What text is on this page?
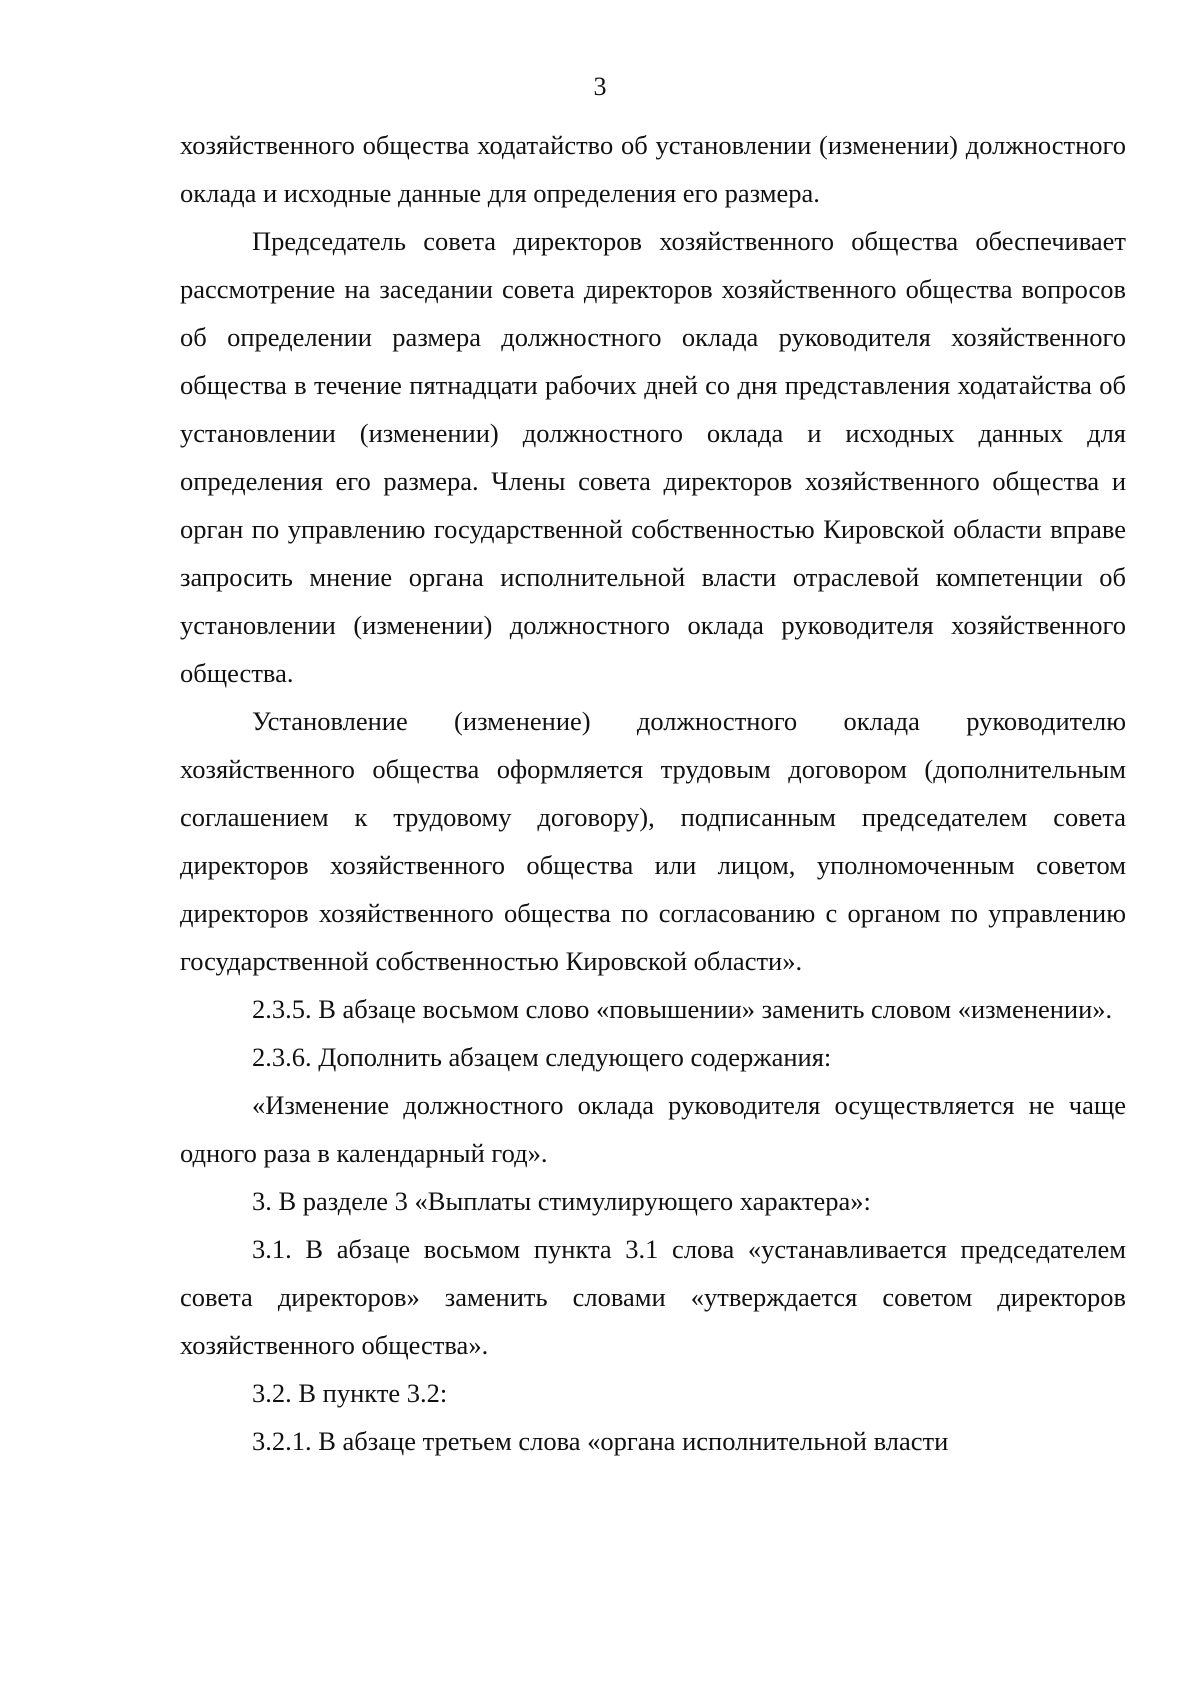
3

хозяйственного общества ходатайство об установлении (изменении) должностного оклада и исходные данные для определения его размера.

Председатель совета директоров хозяйственного общества обеспечивает рассмотрение на заседании совета директоров хозяйственного общества вопросов об определении размера должностного оклада руководителя хозяйственного общества в течение пятнадцати рабочих дней со дня представления ходатайства об установлении (изменении) должностного оклада и исходных данных для определения его размера. Члены совета директоров хозяйственного общества и орган по управлению государственной собственностью Кировской области вправе запросить мнение органа исполнительной власти отраслевой компетенции об установлении (изменении) должностного оклада руководителя хозяйственного общества.

Установление (изменение) должностного оклада руководителю хозяйственного общества оформляется трудовым договором (дополнительным соглашением к трудовому договору), подписанным председателем совета директоров хозяйственного общества или лицом, уполномоченным советом директоров хозяйственного общества по согласованию с органом по управлению государственной собственностью Кировской области».

2.3.5. В абзаце восьмом слово «повышении» заменить словом «изменении».

2.3.6. Дополнить абзацем следующего содержания:

«Изменение должностного оклада руководителя осуществляется не чаще одного раза в календарный год».

3. В разделе 3 «Выплаты стимулирующего характера»:

3.1. В абзаце восьмом пункта 3.1 слова «устанавливается председателем совета директоров» заменить словами «утверждается советом директоров хозяйственного общества».

3.2. В пункте 3.2:

3.2.1. В абзаце третьем слова «органа исполнительной власти
